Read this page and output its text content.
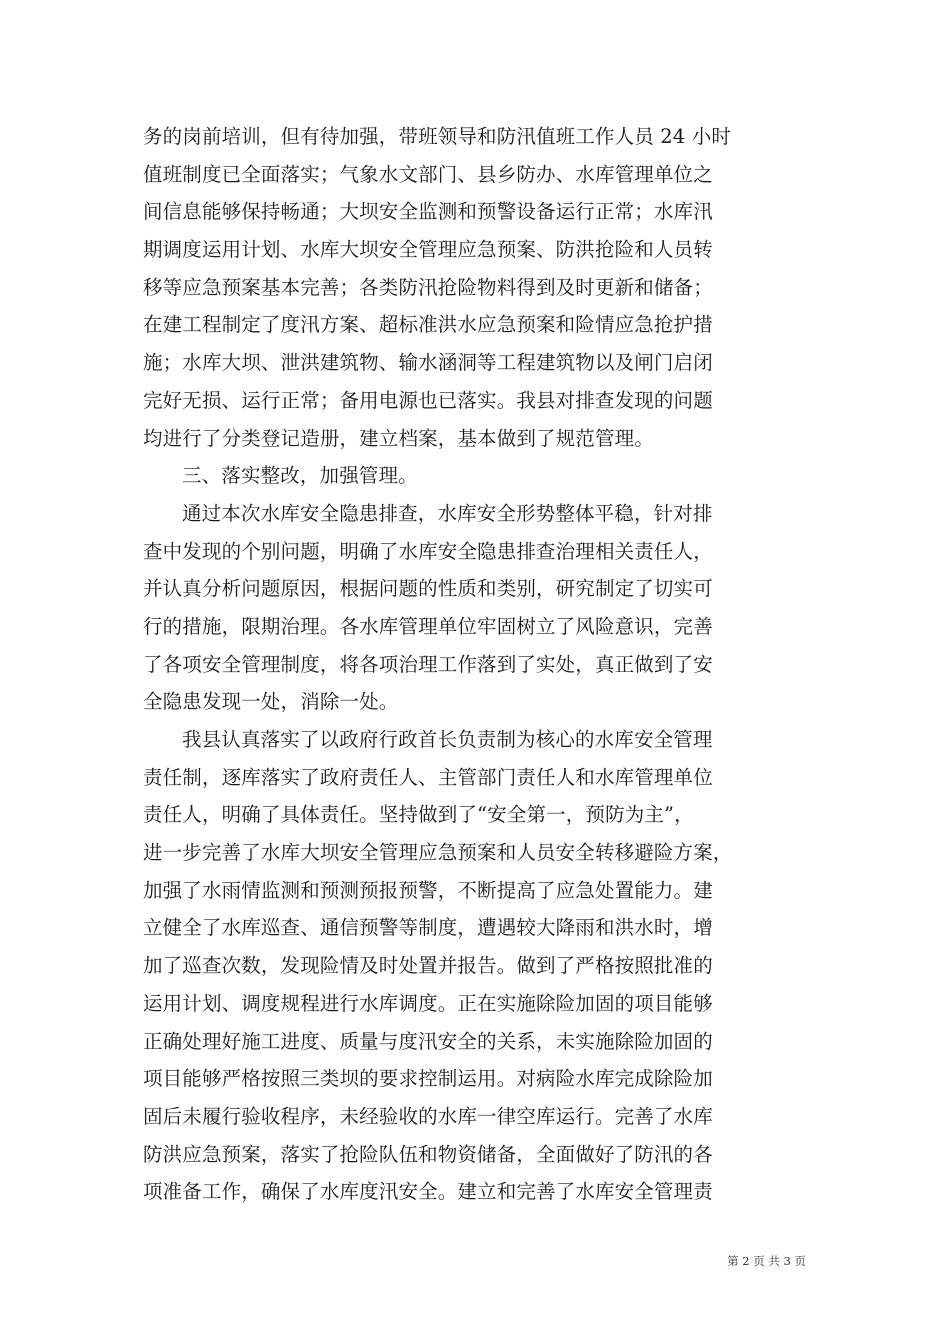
务的岗前培训，但有待加强，带班领导和防汛值班工作人员 24 小时
值班制度已全面落实；气象水文部门、县乡防办、水库管理单位之
间信息能够保持畅通；大坝安全监测和预警设备运行正常；水库汛
期调度运用计划、水库大坝安全管理应急预案、防洪抢险和人员转
移等应急预案基本完善；各类防汛抢险物料得到及时更新和储备；
在建工程制定了度汛方案、超标准洪水应急预案和险情应急抢护措
施；水库大坝、泄洪建筑物、输水涵洞等工程建筑物以及闸门启闭
完好无损、运行正常；备用电源也已落实。我县对排查发现的问题
均进行了分类登记造册，建立档案，基本做到了规范管理。
三、落实整改，加强管理。
通过本次水库安全隐患排查，水库安全形势整体平稳，针对排
查中发现的个别问题，明确了水库安全隐患排查治理相关责任人，
并认真分析问题原因，根据问题的性质和类别，研究制定了切实可
行的措施，限期治理。各水库管理单位牢固树立了风险意识，完善
了各项安全管理制度，将各项治理工作落到了实处，真正做到了安
全隐患发现一处，消除一处。
我县认真落实了以政府行政首长负责制为核心的水库安全管理
责任制，逐库落实了政府责任人、主管部门责任人和水库管理单位
责任人，明确了具体责任。坚持做到了“安全第一，预防为主”，
进一步完善了水库大坝安全管理应急预案和人员安全转移避险方案，
加强了水雨情监测和预测预报预警，不断提高了应急处置能力。建
立健全了水库巡查、通信预警等制度，遭遇较大降雨和洪水时，增
加了巡查次数，发现险情及时处置并报告。做到了严格按照批准的
运用计划、调度规程进行水库调度。正在实施除险加固的项目能够
正确处理好施工进度、质量与度汛安全的关系，未实施除险加固的
项目能够严格按照三类坝的要求控制运用。对病险水库完成除险加
固后未履行验收程序，未经验收的水库一律空库运行。完善了水库
防洪应急预案，落实了抢险队伍和物资储备，全面做好了防汛的各
项准备工作，确保了水库度汛安全。建立和完善了水库安全管理责
第 2 页 共 3 页
